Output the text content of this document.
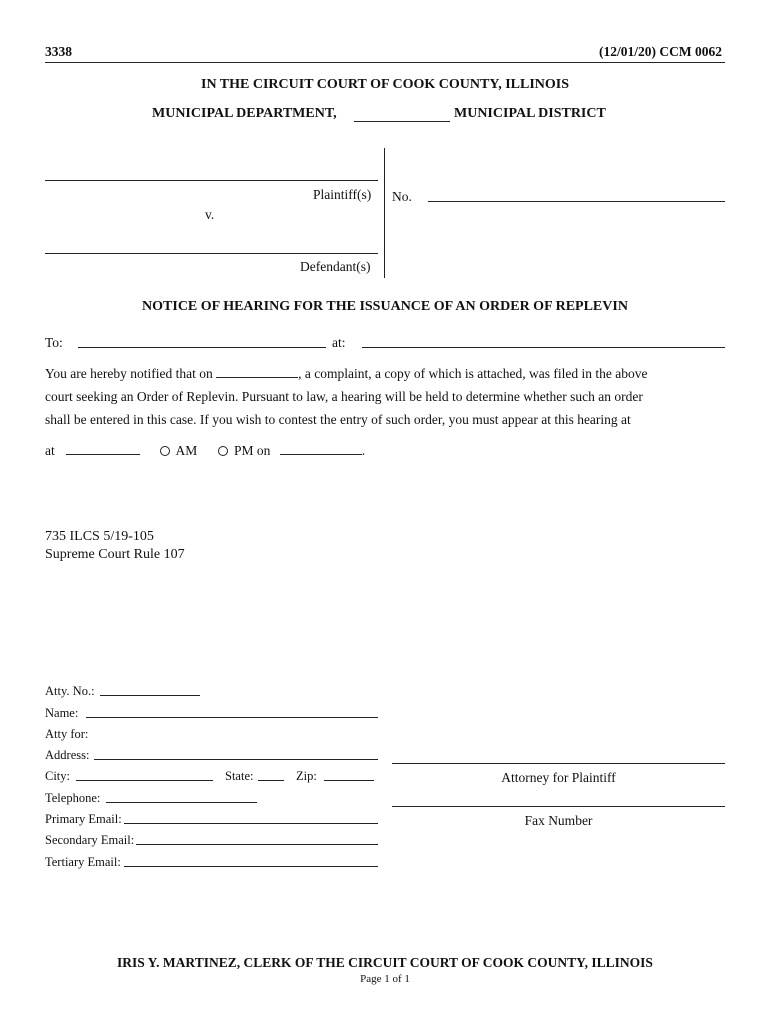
3338	(12/01/20) CCM 0062
IN THE CIRCUIT COURT OF COOK COUNTY, ILLINOIS
MUNICIPAL DEPARTMENT,	MUNICIPAL DISTRICT
Plaintiff(s)
v.
Defendant(s)
No.
NOTICE OF HEARING FOR THE ISSUANCE OF AN ORDER OF REPLEVIN
To:	at:
You are hereby notified that on	, a complaint, a copy of which is attached, was filed in the above
court seeking an Order of Replevin. Pursuant to law, a hearing will be held to determine whether such an order
shall be entered in this case. If you wish to contest the entry of such order, you must appear at this hearing at
at	AM	PM on	.
735 ILCS 5/19-105
Supreme Court Rule 107
Atty. No.:
Name:
Atty for:
Address:
City:	State:	Zip:
Telephone:
Primary Email:
Secondary Email:
Tertiary Email:
Attorney for Plaintiff
Fax Number
IRIS Y. MARTINEZ, CLERK OF THE CIRCUIT COURT OF COOK COUNTY, ILLINOIS
Page 1 of 1
